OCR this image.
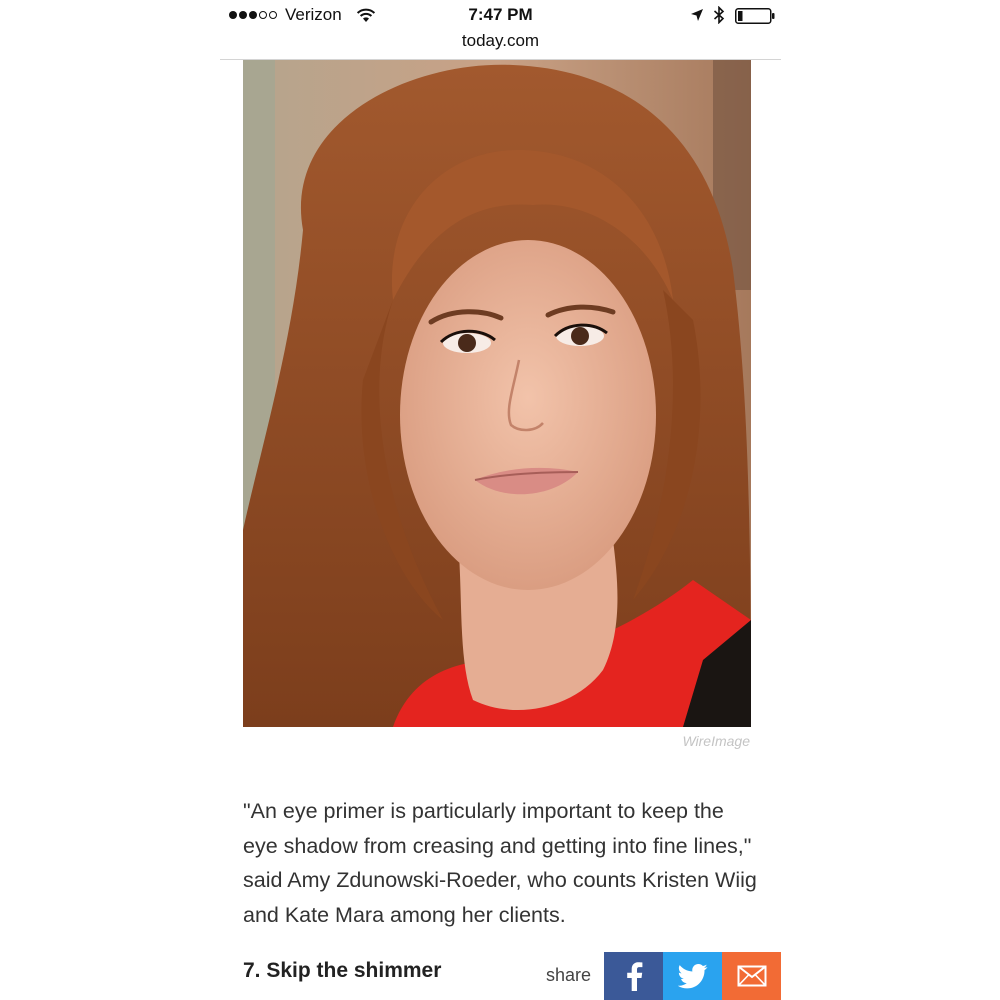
Verizon	7:47 PM
today.com
WireImage

"An eye primer is particularly important to keep the eye shadow from creasing and getting into fine lines," said Amy Zdunowski-Roeder, who counts Kristen Wiig and Kate Mara among her clients.

7. Skip the shimmer	share
